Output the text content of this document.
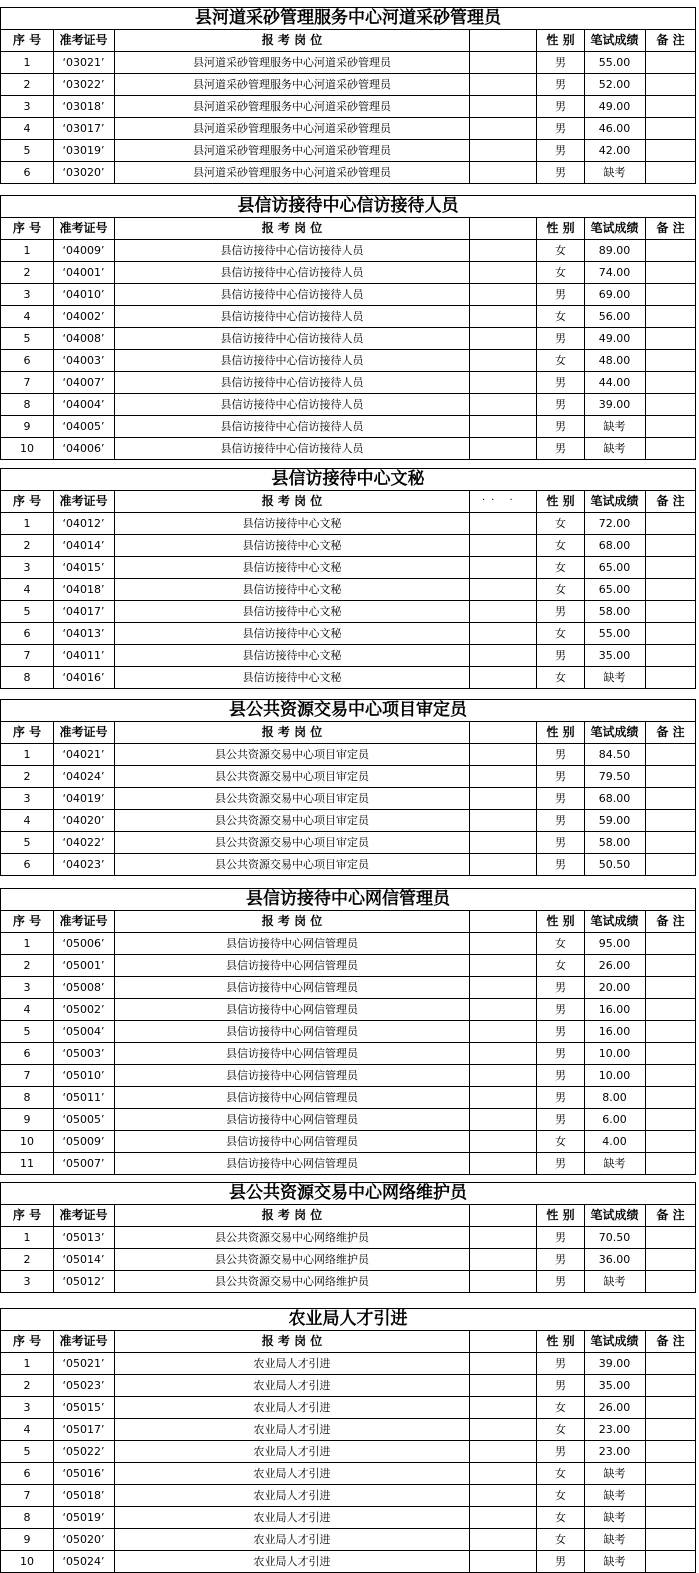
县河道采砂管理服务中心河道采砂管理员
序 号	准考证号	报 考 岗 位	性 别	笔试成绩	备 注
1	‘03021’	县河道采砂管理服务中心河道采砂管理员	男	55.00
2	‘03022’	县河道采砂管理服务中心河道采砂管理员	男	52.00
3	‘03018’	县河道采砂管理服务中心河道采砂管理员	男	49.00
4	‘03017’	县河道采砂管理服务中心河道采砂管理员	男	46.00
5	‘03019’	县河道采砂管理服务中心河道采砂管理员	男	42.00
6	‘03020’	县河道采砂管理服务中心河道采砂管理员	男	缺考
县信访接待中心信访接待人员
序 号	准考证号	报 考 岗 位	性 别	笔试成绩	备 注
1	‘04009’	县信访接待中心信访接待人员	女	89.00
2	‘04001’	县信访接待中心信访接待人员	女	74.00
3	‘04010’	县信访接待中心信访接待人员	男	69.00
4	‘04002’	县信访接待中心信访接待人员	女	56.00
5	‘04008’	县信访接待中心信访接待人员	男	49.00
6	‘04003’	县信访接待中心信访接待人员	女	48.00
7	‘04007’	县信访接待中心信访接待人员	男	44.00
8	‘04004’	县信访接待中心信访接待人员	男	39.00
9	‘04005’	县信访接待中心信访接待人员	男	缺考
10	‘04006’	县信访接待中心信访接待人员	男	缺考
县信访接待中心文秘
序 号	准考证号	报 考 岗 位	性 别	笔试成绩	备 注
.. .
1	‘04012’	县信访接待中心文秘	女	72.00
2	‘04014’	县信访接待中心文秘	女	68.00
3	‘04015’	县信访接待中心文秘	女	65.00
4	‘04018’	县信访接待中心文秘	女	65.00
5	‘04017’	县信访接待中心文秘	男	58.00
6	‘04013’	县信访接待中心文秘	女	55.00
7	‘04011’	县信访接待中心文秘	男	35.00
8	‘04016’	县信访接待中心文秘	女	缺考
县公共资源交易中心项目审定员
序 号	准考证号	报 考 岗 位	性 别	笔试成绩	备 注
1	‘04021’	县公共资源交易中心项目审定员	男	84.50
2	‘04024’	县公共资源交易中心项目审定员	男	79.50
3	‘04019’	县公共资源交易中心项目审定员	男	68.00
4	‘04020’	县公共资源交易中心项目审定员	男	59.00
5	‘04022’	县公共资源交易中心项目审定员	男	58.00
6	‘04023’	县公共资源交易中心项目审定员	男	50.50
县信访接待中心网信管理员
序 号	准考证号	报 考 岗 位	性 别	笔试成绩	备 注
1	‘05006’	县信访接待中心网信管理员	女	95.00
2	‘05001’	县信访接待中心网信管理员	女	26.00
3	‘05008’	县信访接待中心网信管理员	男	20.00
4	‘05002’	县信访接待中心网信管理员	男	16.00
5	‘05004’	县信访接待中心网信管理员	男	16.00
6	‘05003’	县信访接待中心网信管理员	男	10.00
7	‘05010’	县信访接待中心网信管理员	男	10.00
8	‘05011’	县信访接待中心网信管理员	男	8.00
9	‘05005’	县信访接待中心网信管理员	男	6.00
10	‘05009’	县信访接待中心网信管理员	女	4.00
11	‘05007’	县信访接待中心网信管理员	男	缺考
县公共资源交易中心网络维护员
序 号	准考证号	报 考 岗 位	性 别	笔试成绩	备 注
1	‘05013’	县公共资源交易中心网络维护员	男	70.50
2	‘05014’	县公共资源交易中心网络维护员	男	36.00
3	‘05012’	县公共资源交易中心网络维护员	男	缺考
农业局人才引进
序 号	准考证号	报 考 岗 位	性 别	笔试成绩	备 注
1	‘05021’	农业局人才引进	男	39.00
2	‘05023’	农业局人才引进	男	35.00
3	‘05015’	农业局人才引进	女	26.00
4	‘05017’	农业局人才引进	女	23.00
5	‘05022’	农业局人才引进	男	23.00
6	‘05016’	农业局人才引进	女	缺考
7	‘05018’	农业局人才引进	女	缺考
8	‘05019’	农业局人才引进	女	缺考
9	‘05020’	农业局人才引进	女	缺考
10	‘05024’	农业局人才引进	男	缺考
